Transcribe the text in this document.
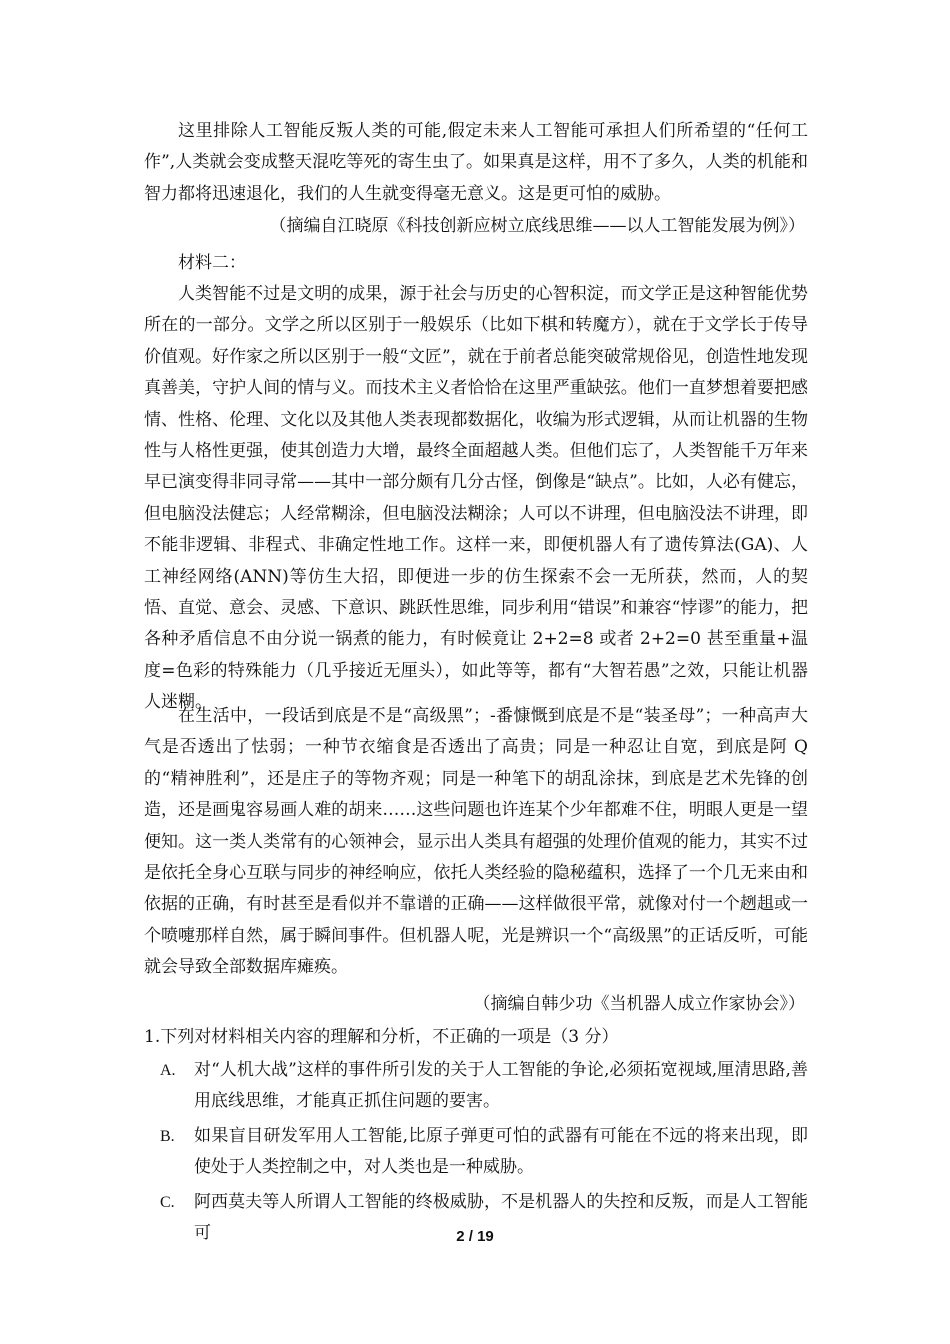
这里排除人工智能反叛人类的可能,假定未来人工智能可承担人们所希望的“任何工作”,人类就会变成整天混吃等死的寄生虫了。如果真是这样，用不了多久，人类的机能和智力都将迅速退化，我们的人生就变得毫无意义。这是更可怕的威胁。

（摘编自江晓原《科技创新应树立底线思维——以人工智能发展为例》）

材料二：

人类智能不过是文明的成果，源于社会与历史的心智积淀，而文学正是这种智能优势所在的一部分。文学之所以区别于一般娱乐（比如下棋和转魔方），就在于文学长于传导价值观。好作家之所以区别于一般“文匠”，就在于前者总能突破常规俗见，创造性地发现真善美，守护人间的情与义。而技术主义者恰恰在这里严重缺弦。他们一直梦想着要把感情、性格、伦理、文化以及其他人类表现都数据化，收编为形式逻辑，从而让机器的生物性与人格性更强，使其创造力大增，最终全面超越人类。但他们忘了，人类智能千万年来早已演变得非同寻常——其中一部分颇有几分古怪，倒像是“缺点”。比如，人必有健忘，但电脑没法健忘；人经常糊涂，但电脑没法糊涂；人可以不讲理，但电脑没法不讲理，即不能非逻辑、非程式、非确定性地工作。这样一来，即便机器人有了遗传算法(GA)、人工神经网络(ANN)等仿生大招，即便进一步的仿生探索不会一无所获，然而，人的契悟、直觉、意会、灵感、下意识、跳跃性思维，同步利用“错误”和兼容“悖谬”的能力，把各种矛盾信息不由分说一锅煮的能力，有时候竟让 2+2=8 或者 2+2=0 甚至重量+温度=色彩的特殊能力（几乎接近无厘头），如此等等，都有“大智若愚”之效，只能让机器人迷糊。

在生活中，一段话到底是不是“高级黑”；-番慷慨到底是不是“装圣母”；一种高声大气是否透出了怯弱；一种节衣缩食是否透出了高贵；同是一种忍让自宽，到底是阿 Q 的“精神胜利”，还是庄子的等物齐观；同是一种笔下的胡乱涂抹，到底是艺术先锋的创造，还是画鬼容易画人难的胡来……这些问题也许连某个少年都难不住，明眼人更是一望便知。这一类人类常有的心领神会，显示出人类具有超强的处理价值观的能力，其实不过是依托全身心互联与同步的神经响应，依托人类经验的隐秘蕴积，选择了一个几无来由和依据的正确，有时甚至是看似并不靠谱的正确——这样做很平常，就像对付一个趔趄或一个喷嚏那样自然，属于瞬间事件。但机器人呢，光是辨识一个“高级黑”的正话反听，可能就会导致全部数据库瘫痪。

（摘编自韩少功《当机器人成立作家协会》）

1.下列对材料相关内容的理解和分析，不正确的一项是（3 分）

A. 对“人机大战”这样的事件所引发的关于人工智能的争论,必须拓宽视域,厘清思路,善用底线思维，才能真正抓住问题的要害。

B. 如果盲目研发军用人工智能,比原子弹更可怕的武器有可能在不远的将来出现，即使处于人类控制之中，对人类也是一种威胁。

C. 阿西莫夫等人所谓人工智能的终极威胁，不是机器人的失控和反叛，而是人工智能可	2 / 19
